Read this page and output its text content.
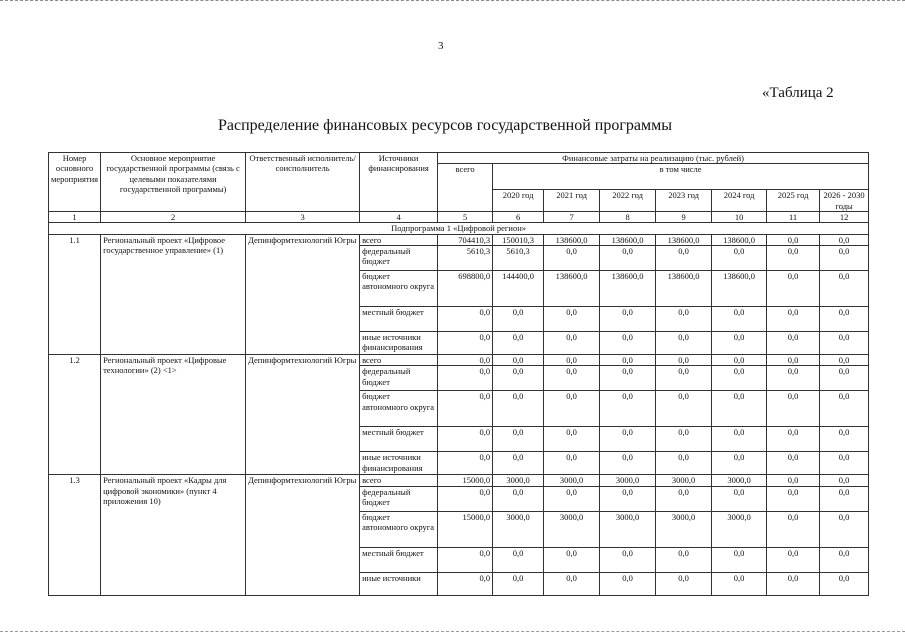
3
«Таблица 2
Распределение финансовых ресурсов государственной программы
Номер основного мероприятия	Основное мероприятие государственной программы (связь с целевыми показателями государственной программы)	Ответственный исполнитель/соисполнитель	Источники финансирования	Финансовые затраты на реализацию (тыс. рублей)							
				всего	в том числе						
					2020 год	2021 год	2022 год	2023 год	2024 год	2025 год	2026 - 2030 годы
1	2	3	4	5	6	7	8	9	10	11	12
Подпрограмма 1 «Цифровой регион»											
1.1	Региональный проект «Цифровое государственное управление» (1)	Депинформтехнологий Югры	всего	704410,3	150010,3	138600,0	138600,0	138600,0	138600,0	0,0	0,0
			федеральный бюджет	5610,3	5610,3	0,0	0,0	0,0	0,0	0,0	0,0
			бюджет автономного округа	698800,0	144400,0	138600,0	138600,0	138600,0	138600,0	0,0	0,0
			местный бюджет	0,0	0,0	0,0	0,0	0,0	0,0	0,0	0,0
			иные источники финансирования	0,0	0,0	0,0	0,0	0,0	0,0	0,0	0,0
1.2	Региональный проект «Цифровые технологии» (2) <1>	Депинформтехнологий Югры	всего	0,0	0,0	0,0	0,0	0,0	0,0	0,0	0,0
			федеральный бюджет	0,0	0,0	0,0	0,0	0,0	0,0	0,0	0,0
			бюджет автономного округа	0,0	0,0	0,0	0,0	0,0	0,0	0,0	0,0
			местный бюджет	0,0	0,0	0,0	0,0	0,0	0,0	0,0	0,0
			иные источники финансирования	0,0	0,0	0,0	0,0	0,0	0,0	0,0	0,0
1.3	Региональный проект «Кадры для цифровой экономики» (пункт 4 приложения 10)	Депинформтехнологий Югры	всего	15000,0	3000,0	3000,0	3000,0	3000,0	3000,0	0,0	0,0
			федеральный бюджет	0,0	0,0	0,0	0,0	0,0	0,0	0,0	0,0
			бюджет автономного округа	15000,0	3000,0	3000,0	3000,0	3000,0	3000,0	0,0	0,0
			местный бюджет	0,0	0,0	0,0	0,0	0,0	0,0	0,0	0,0
			иные источники	0,0	0,0	0,0	0,0	0,0	0,0	0,0	0,0
